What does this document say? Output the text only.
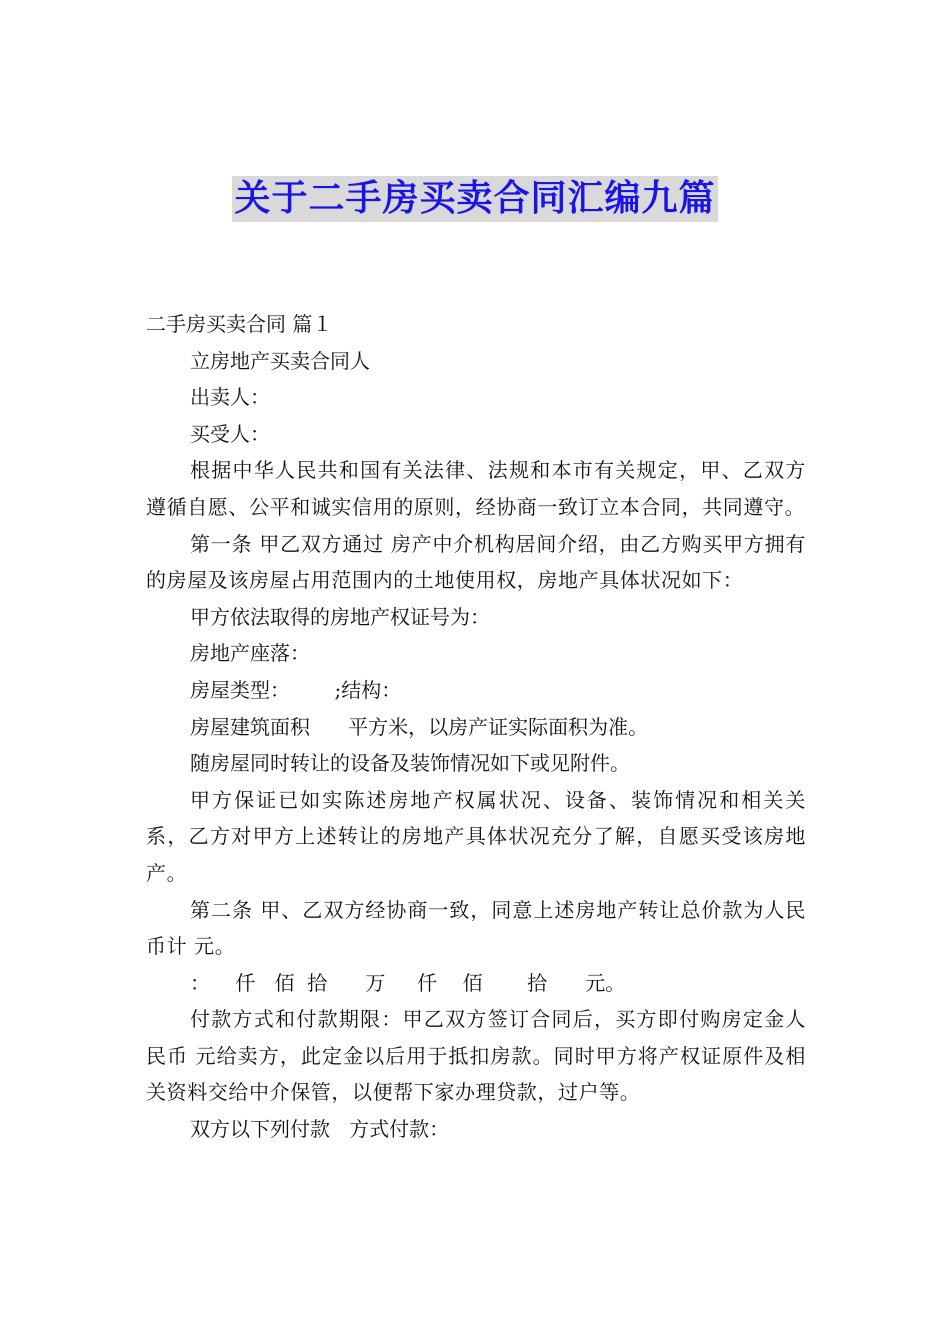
关于二手房买卖合同汇编九篇

二手房买卖合同 篇１

立房地产买卖合同人

出卖人：

买受人：

根据中华人民共和国有关法律、法规和本市有关规定，甲、乙双方遵循自愿、公平和诚实信用的原则，经协商一致订立本合同，共同遵守。

第一条 甲乙双方通过 房产中介机构居间介绍，由乙方购买甲方拥有的房屋及该房屋占用范围内的土地使用权，房地产具体状况如下：

甲方依法取得的房地产权证号为：

房地产座落：

房屋类型：       ;结构：

房屋建筑面积      平方米，以房产证实际面积为准。

随房屋同时转让的设备及装饰情况如下或见附件。

甲方保证已如实陈述房地产权属状况、设备、装饰情况和相关关系，乙方对甲方上述转让的房地产具体状况充分了解，自愿买受该房地产。

第二条 甲、乙双方经协商一致，同意上述房地产转让总价款为人民币计 元。

：    仟   佰  拾      万     仟    佰       拾      元。

付款方式和付款期限：甲乙双方签订合同后，买方即付购房定金人民币 元给卖方，此定金以后用于抵扣房款。同时甲方将产权证原件及相关资料交给中介保管，以便帮下家办理贷款，过户等。

双方以下列付款   方式付款：
